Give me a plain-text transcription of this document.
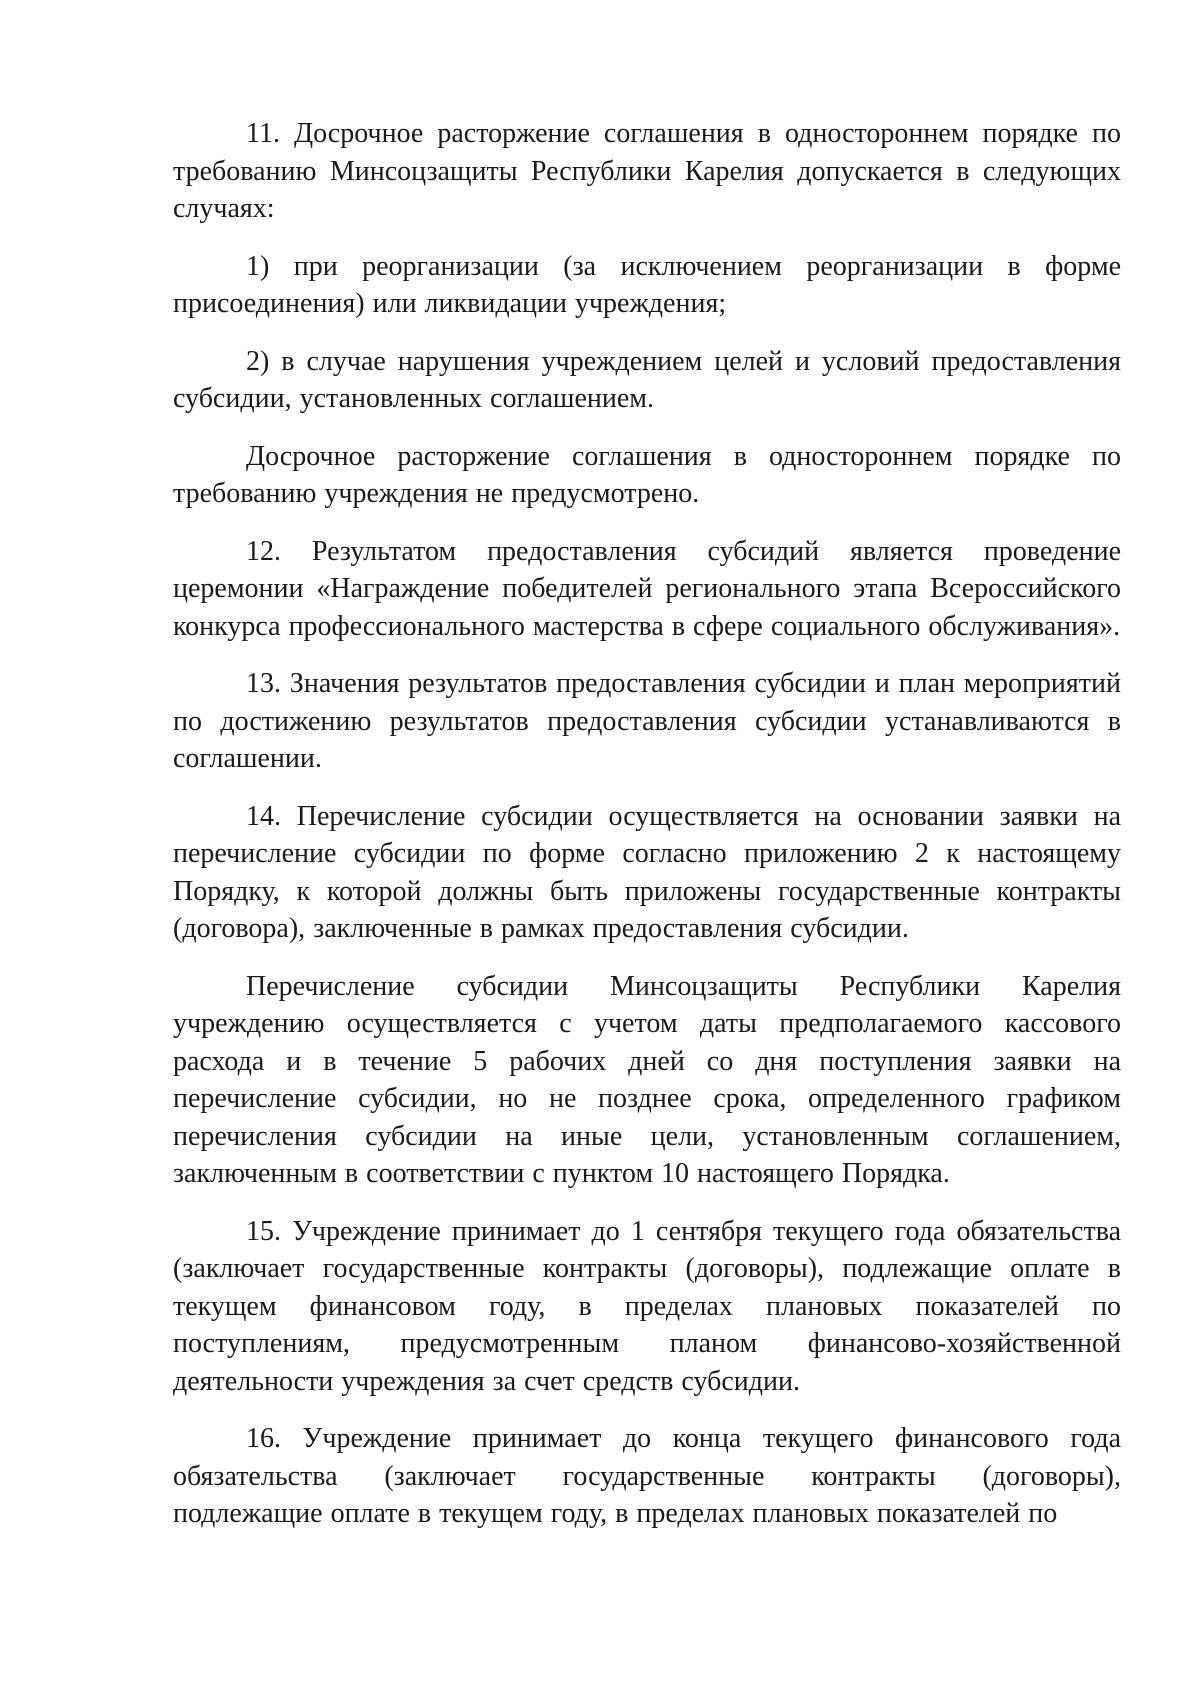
11. Досрочное расторжение соглашения в одностороннем порядке по требованию Минсоцзащиты Республики Карелия допускается в следующих случаях:

1) при реорганизации (за исключением реорганизации в форме присоединения) или ликвидации учреждения;

2) в случае нарушения учреждением целей и условий предоставления субсидии, установленных соглашением.

Досрочное расторжение соглашения в одностороннем порядке по требованию учреждения не предусмотрено.

12. Результатом предоставления субсидий является проведение церемонии «Награждение победителей регионального этапа Всероссийского конкурса профессионального мастерства в сфере социального обслуживания».

13. Значения результатов предоставления субсидии и план мероприятий по достижению результатов предоставления субсидии устанавливаются в соглашении.

14. Перечисление субсидии осуществляется на основании заявки на перечисление субсидии по форме согласно приложению 2 к настоящему Порядку, к которой должны быть приложены государственные контракты (договора), заключенные в рамках предоставления субсидии.

Перечисление субсидии Минсоцзащиты Республики Карелия учреждению осуществляется с учетом даты предполагаемого кассового расхода и в течение 5 рабочих дней со дня поступления заявки на перечисление субсидии, но не позднее срока, определенного графиком перечисления субсидии на иные цели, установленным соглашением, заключенным в соответствии с пунктом 10 настоящего Порядка.

15. Учреждение принимает до 1 сентября текущего года обязательства (заключает государственные контракты (договоры), подлежащие оплате в текущем финансовом году, в пределах плановых показателей по поступлениям, предусмотренным планом финансово-хозяйственной деятельности учреждения за счет средств субсидии.

16. Учреждение принимает до конца текущего финансового года обязательства (заключает государственные контракты (договоры), подлежащие оплате в текущем году, в пределах плановых показателей по
